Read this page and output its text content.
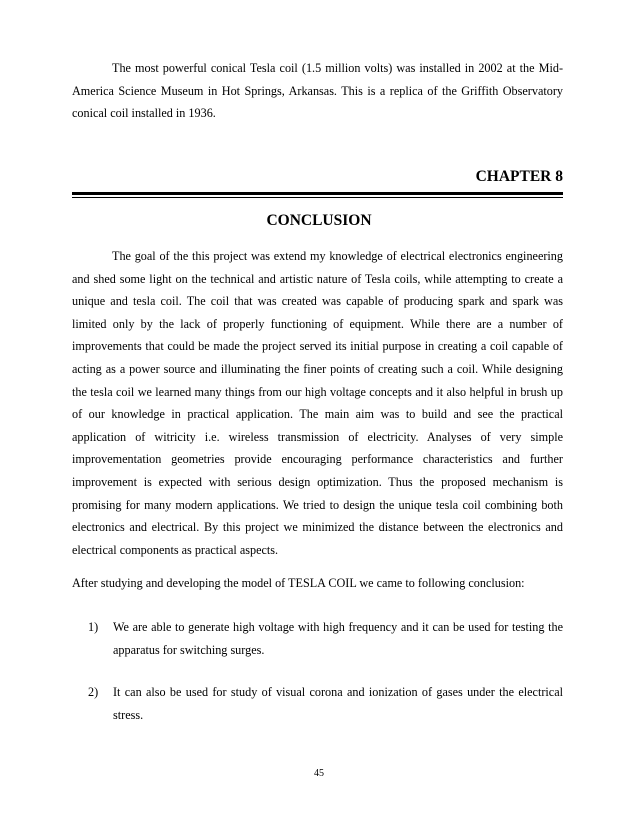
The most powerful conical Tesla coil (1.5 million volts) was installed in 2002 at the Mid-America Science Museum in Hot Springs, Arkansas. This is a replica of the Griffith Observatory conical coil installed in 1936.

CHAPTER 8

CONCLUSION

The goal of the this project was extend my knowledge of electrical electronics engineering and shed some light on the technical and artistic nature of Tesla coils, while attempting to create a unique and tesla coil. The coil that was created was capable of producing spark and spark was limited only by the lack of properly functioning of equipment. While there are a number of improvements that could be made the project served its initial purpose in creating a coil capable of acting as a power source and illuminating the finer points of creating such a coil. While designing the tesla coil we learned many things from our high voltage concepts and it also helpful in brush up of our knowledge in practical application. The main aim was to build and see the practical application of witricity i.e. wireless transmission of electricity. Analyses of very simple improvementation geometries provide encouraging performance characteristics and further improvement is expected with serious design optimization. Thus the proposed mechanism is promising for many modern applications. We tried to design the unique tesla coil combining both electronics and electrical. By this project we minimized the distance between the electronics and electrical components as practical aspects.

After studying and developing the model of TESLA COIL we came to following conclusion:

1) We are able to generate high voltage with high frequency and it can be used for testing the apparatus for switching surges.
2) It can also be used for study of visual corona and ionization of gases under the electrical stress.
45
